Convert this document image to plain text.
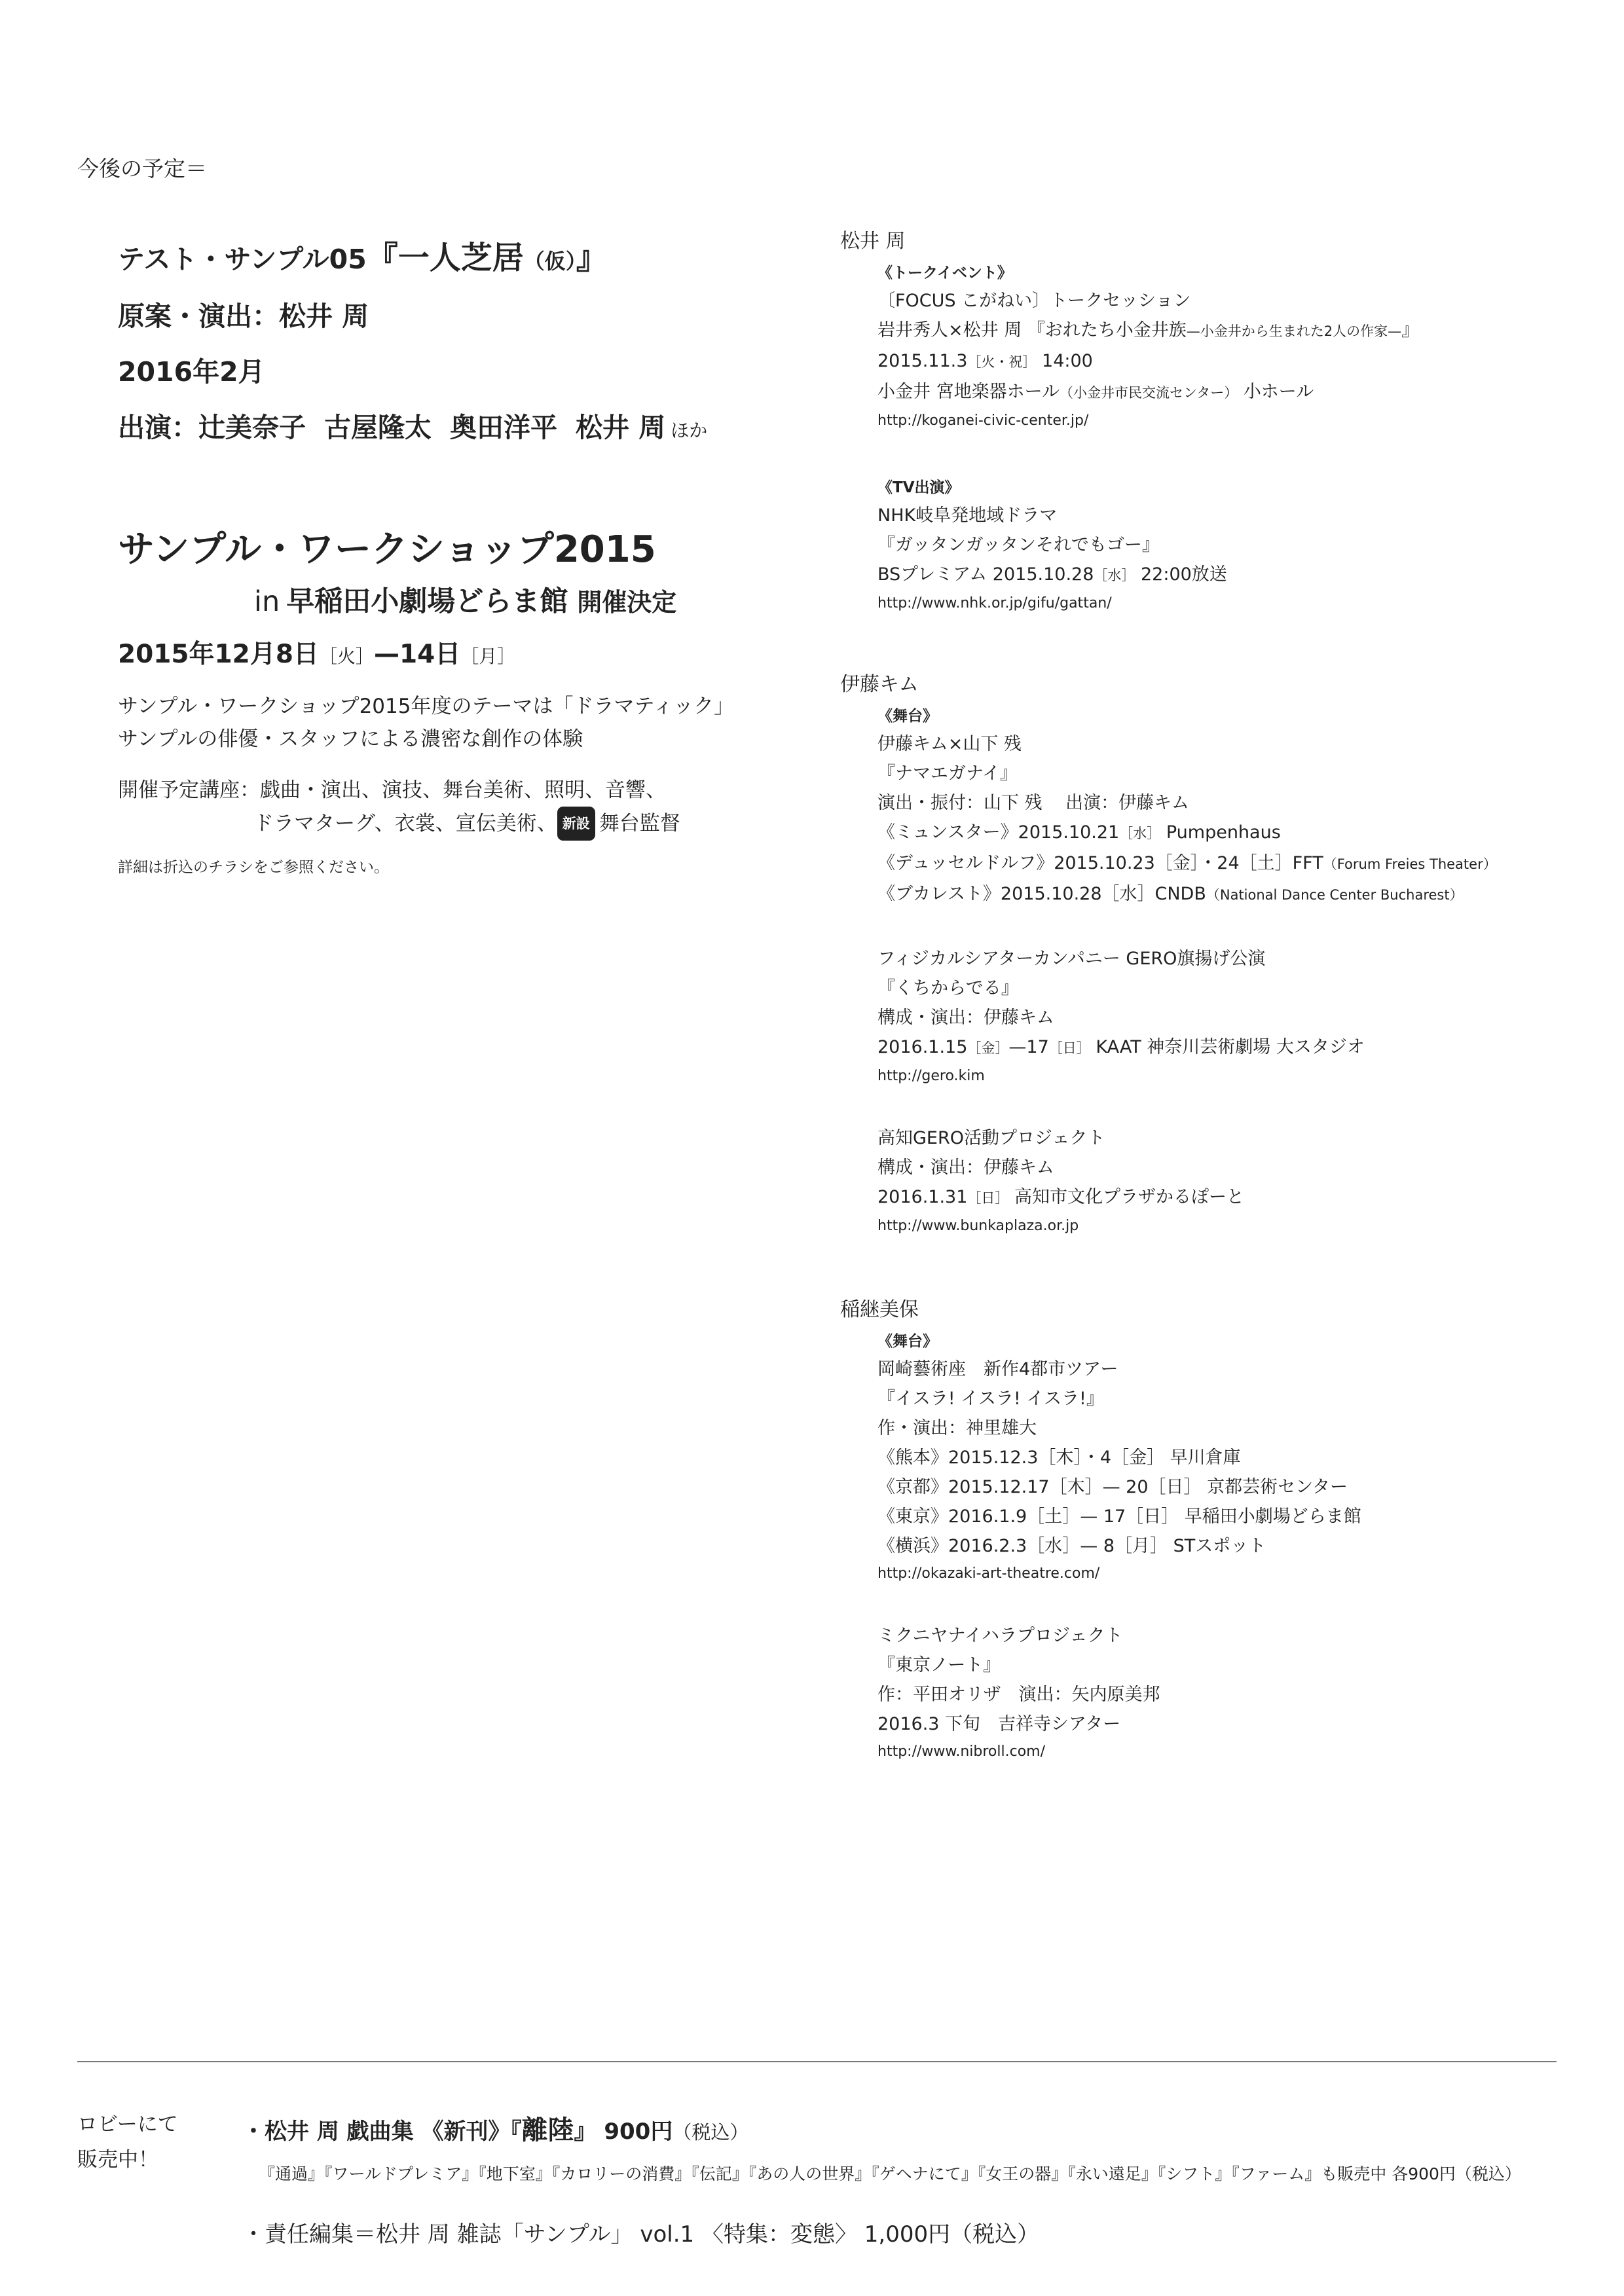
今後の予定＝
テスト・サンプル05『一人芝居（仮）』
原案・演出：松井 周
2016年2月
出演：辻美奈子 古屋隆太 奥田洋平 松井 周 ほか
サンプル・ワークショップ2015
in 早稲田小劇場どらま館 開催決定
2015年12月8日［火］—14日［月］
サンプル・ワークショップ2015年度のテーマは「ドラマティック」
サンプルの俳優・スタッフによる濃密な創作の体験
開催予定講座：戯曲・演出、演技、舞台美術、照明、音響、
ドラマターグ、衣裳、宣伝美術、 新設 舞台監督
詳細は折込のチラシをご参照ください。
松井 周
《トークイベント》
〔FOCUS こがねい〕トークセッション
岩井秀人×松井 周 『おれたち小金井族—小金井から生まれた2人の作家—』
2015.11.3［火・祝］ 14:00
小金井 宮地楽器ホール（小金井市民交流センター） 小ホール
http://koganei-civic-center.jp/
《TV出演》
NHK岐阜発地域ドラマ
『ガッタンガッタンそれでもゴー』
BSプレミアム 2015.10.28［水］ 22:00放送
http://www.nhk.or.jp/gifu/gattan/
伊藤キム
《舞台》
伊藤キム×山下 残
『ナマエガナイ』
演出・振付：山下 残　 出演：伊藤キム
《ミュンスター》2015.10.21［水］ Pumpenhaus
《デュッセルドルフ》2015.10.23［金］・24［土］FFT（Forum Freies Theater）
《ブカレスト》2015.10.28［水］CNDB（National Dance Center Bucharest）
フィジカルシアターカンパニー GERO旗揚げ公演
『くちからでる』
構成・演出：伊藤キム
2016.1.15［金］—17［日］ KAAT 神奈川芸術劇場 大スタジオ
http://gero.kim
高知GERO活動プロジェクト
構成・演出：伊藤キム
2016.1.31［日］ 高知市文化プラザかるぽーと
http://www.bunkaplaza.or.jp
稲継美保
《舞台》
岡崎藝術座　新作4都市ツアー
『イスラ! イスラ! イスラ!』
作・演出：神里雄大
《熊本》2015.12.3［木］・4［金］ 早川倉庫
《京都》2015.12.17［木］— 20［日］ 京都芸術センター
《東京》2016.1.9［土］— 17［日］ 早稲田小劇場どらま館
《横浜》2016.2.3［水］— 8［月］ STスポット
http://okazaki-art-theatre.com/
ミクニヤナイハラプロジェクト
『東京ノート』
作：平田オリザ　演出：矢内原美邦
2016.3 下旬　吉祥寺シアター
http://www.nibroll.com/
ロビーにて
販売中！
・松井 周 戯曲集 《新刊》『離陸』 900円（税込）
『通過』『ワールドプレミア』『地下室』『カロリーの消費』『伝記』『あの人の世界』『ゲヘナにて』『女王の器』『永い遠足』『シフト』『ファーム』も販売中 各900円（税込）
・責任編集＝松井 周 雑誌「サンプル」 vol.1 〈特集：変態〉 1,000円（税込）
